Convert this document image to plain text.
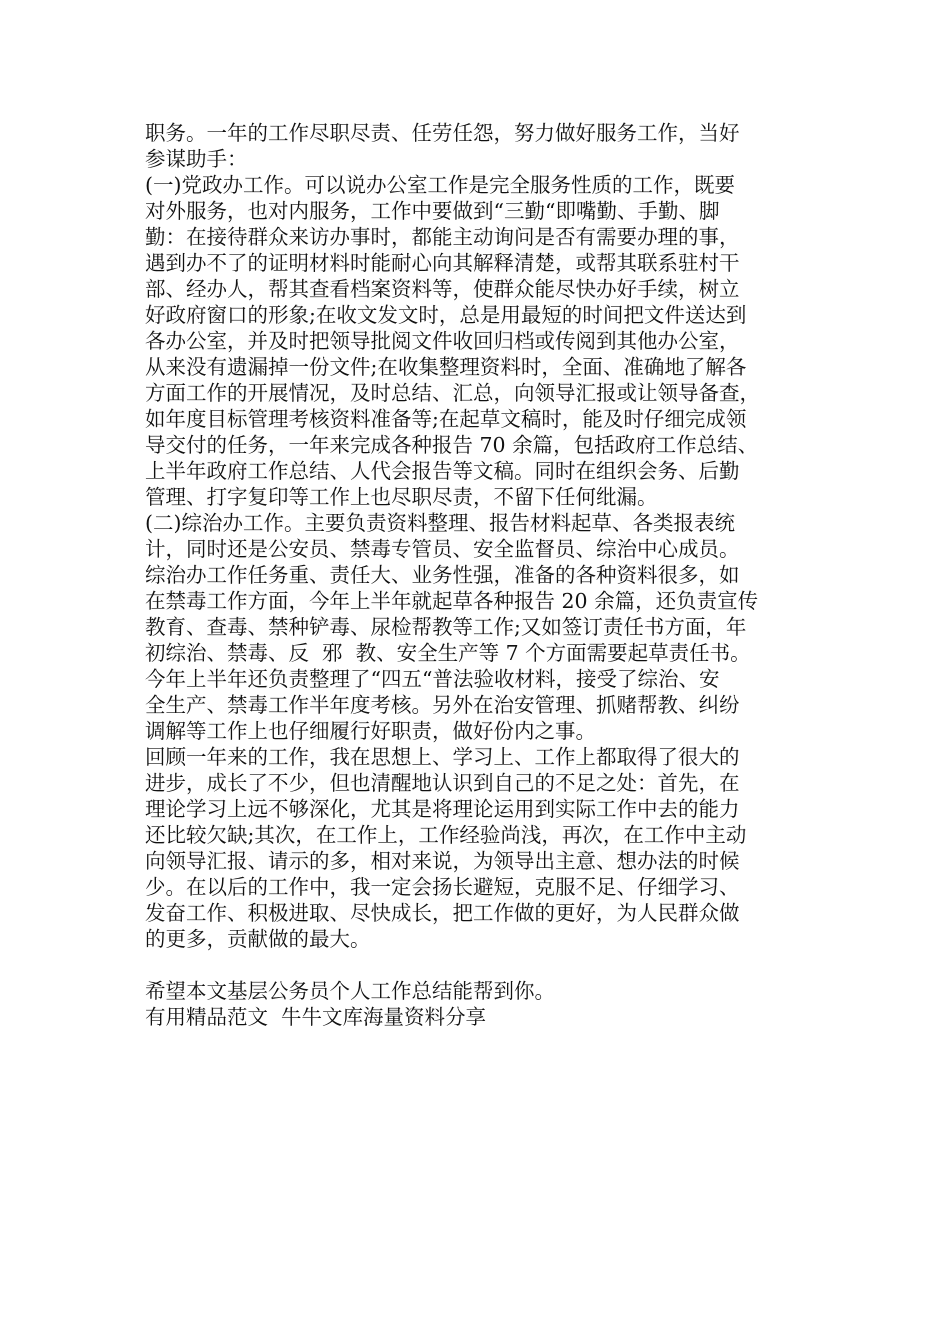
职务。一年的工作尽职尽责、任劳任怨，努力做好服务工作，当好
参谋助手：
(一)党政办工作。可以说办公室工作是完全服务性质的工作，既要
对外服务，也对内服务，工作中要做到“三勤“即嘴勤、手勤、脚
勤：在接待群众来访办事时，都能主动询问是否有需要办理的事，
遇到办不了的证明材料时能耐心向其解释清楚，或帮其联系驻村干
部、经办人，帮其查看档案资料等，使群众能尽快办好手续，树立
好政府窗口的形象;在收文发文时，总是用最短的时间把文件送达到
各办公室，并及时把领导批阅文件收回归档或传阅到其他办公室，
从来没有遗漏掉一份文件;在收集整理资料时，全面、准确地了解各
方面工作的开展情况，及时总结、汇总，向领导汇报或让领导备查，
如年度目标管理考核资料准备等;在起草文稿时，能及时仔细完成领
导交付的任务，一年来完成各种报告 70 余篇，包括政府工作总结、
上半年政府工作总结、人代会报告等文稿。同时在组织会务、后勤
管理、打字复印等工作上也尽职尽责，不留下任何纰漏。
(二)综治办工作。主要负责资料整理、报告材料起草、各类报表统
计，同时还是公安员、禁毒专管员、安全监督员、综治中心成员。
综治办工作任务重、责任大、业务性强，准备的各种资料很多，如
在禁毒工作方面，今年上半年就起草各种报告 20 余篇，还负责宣传
教育、查毒、禁种铲毒、尿检帮教等工作;又如签订责任书方面，年
初综治、禁毒、反  邪  教、安全生产等 7 个方面需要起草责任书。
今年上半年还负责整理了“四五“普法验收材料，接受了综治、安
全生产、禁毒工作半年度考核。另外在治安管理、抓赌帮教、纠纷
调解等工作上也仔细履行好职责，做好份内之事。
回顾一年来的工作，我在思想上、学习上、工作上都取得了很大的
进步，成长了不少，但也清醒地认识到自己的不足之处：首先，在
理论学习上远不够深化，尤其是将理论运用到实际工作中去的能力
还比较欠缺;其次，在工作上，工作经验尚浅，再次，在工作中主动
向领导汇报、请示的多，相对来说，为领导出主意、想办法的时候
少。在以后的工作中，我一定会扬长避短，克服不足、仔细学习、
发奋工作、积极进取、尽快成长，把工作做的更好，为人民群众做
的更多，贡献做的最大。
希望本文基层公务员个人工作总结能帮到你。
有用精品范文  牛牛文库海量资料分享
